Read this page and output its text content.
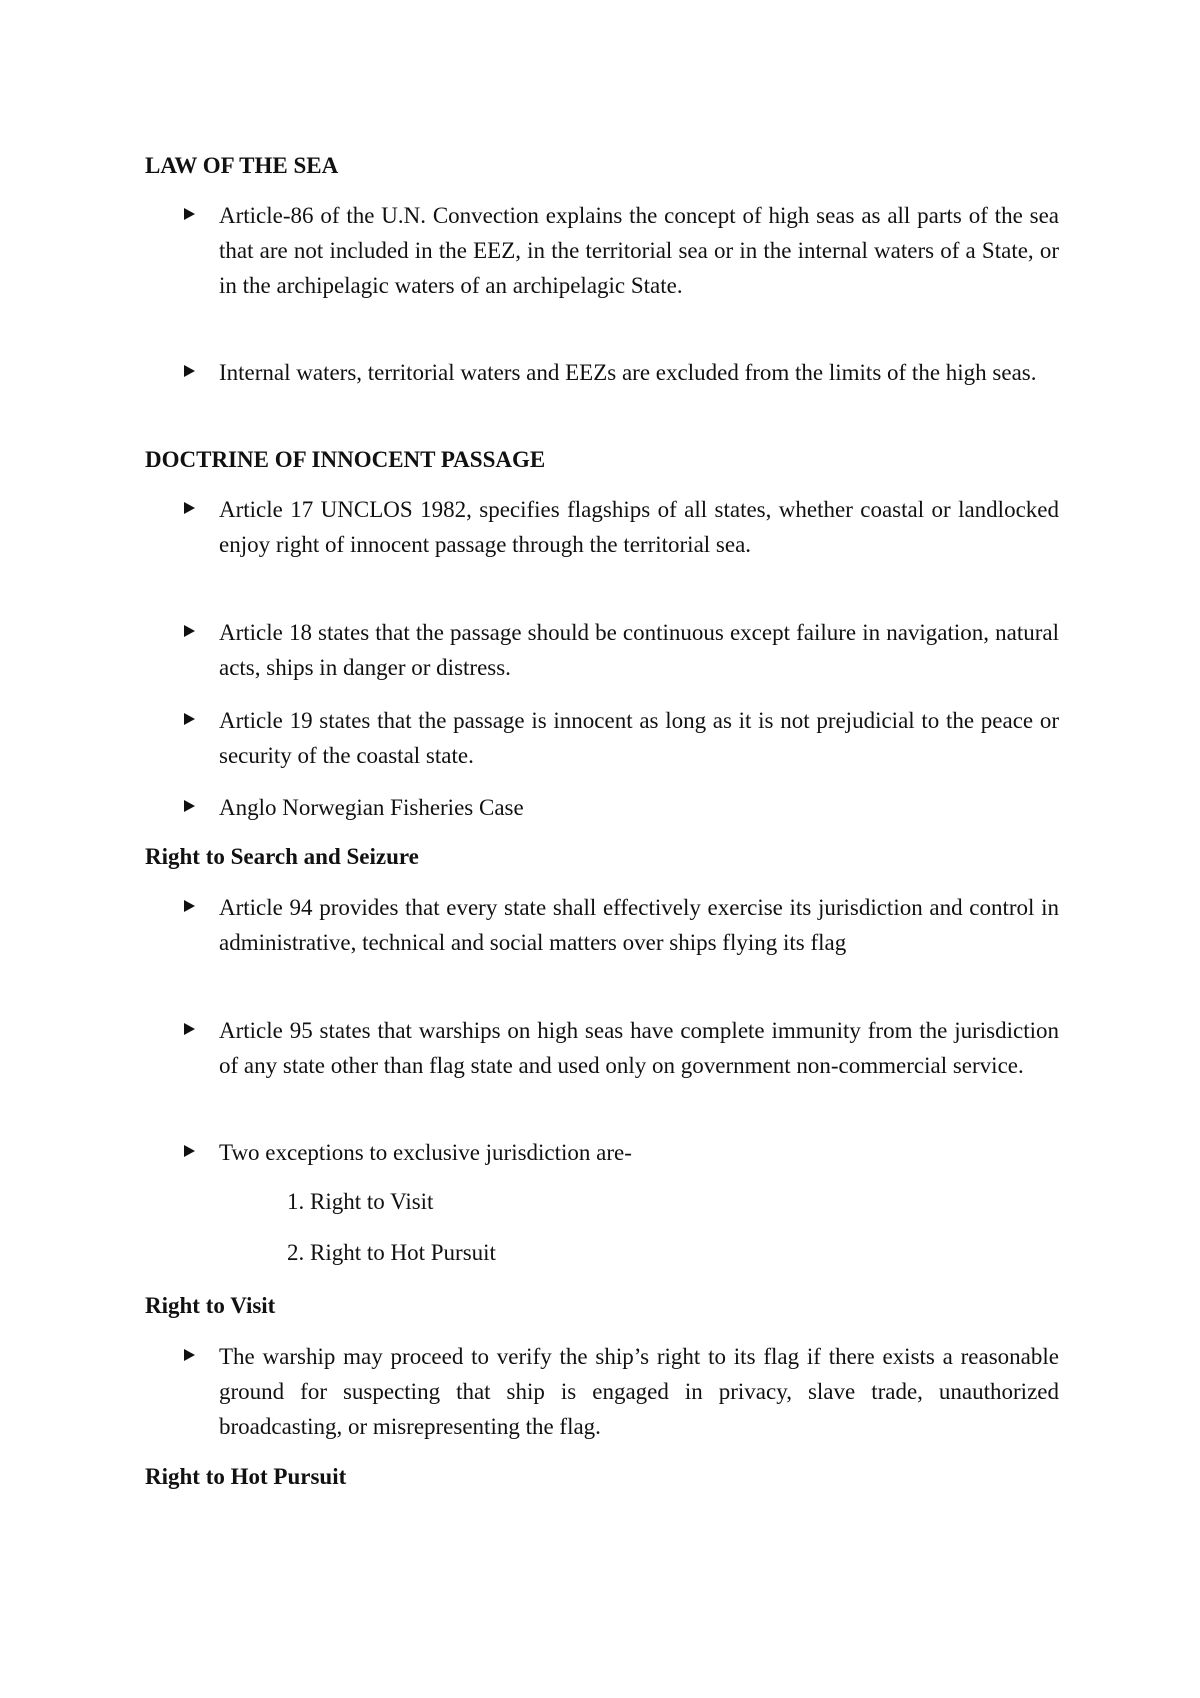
LAW OF THE SEA
Article-86 of the U.N. Convection explains the concept of high seas as all parts of the sea that are not included in the EEZ, in the territorial sea or in the internal waters of a State, or in the archipelagic waters of an archipelagic State.
Internal waters, territorial waters and EEZs are excluded from the limits of the high seas.
DOCTRINE OF INNOCENT PASSAGE
Article 17 UNCLOS 1982, specifies flagships of all states, whether coastal or landlocked enjoy right of innocent passage through the territorial sea.
Article 18 states that the passage should be continuous except failure in navigation, natural acts, ships in danger or distress.
Article 19 states that the passage is innocent as long as it is not prejudicial to the peace or security of the coastal state.
Anglo Norwegian Fisheries Case
Right to Search and Seizure
Article 94 provides that every state shall effectively exercise its jurisdiction and control in administrative, technical and social matters over ships flying its flag
Article 95 states that warships on high seas have complete immunity from the jurisdiction of any state other than flag state and used only on government non-commercial service.
Two exceptions to exclusive jurisdiction are-
1. Right to Visit
2. Right to Hot Pursuit
Right to Visit
The warship may proceed to verify the ship’s right to its flag if there exists a reasonable ground for suspecting that ship is engaged in privacy, slave trade, unauthorized broadcasting, or misrepresenting the flag.
Right to Hot Pursuit
